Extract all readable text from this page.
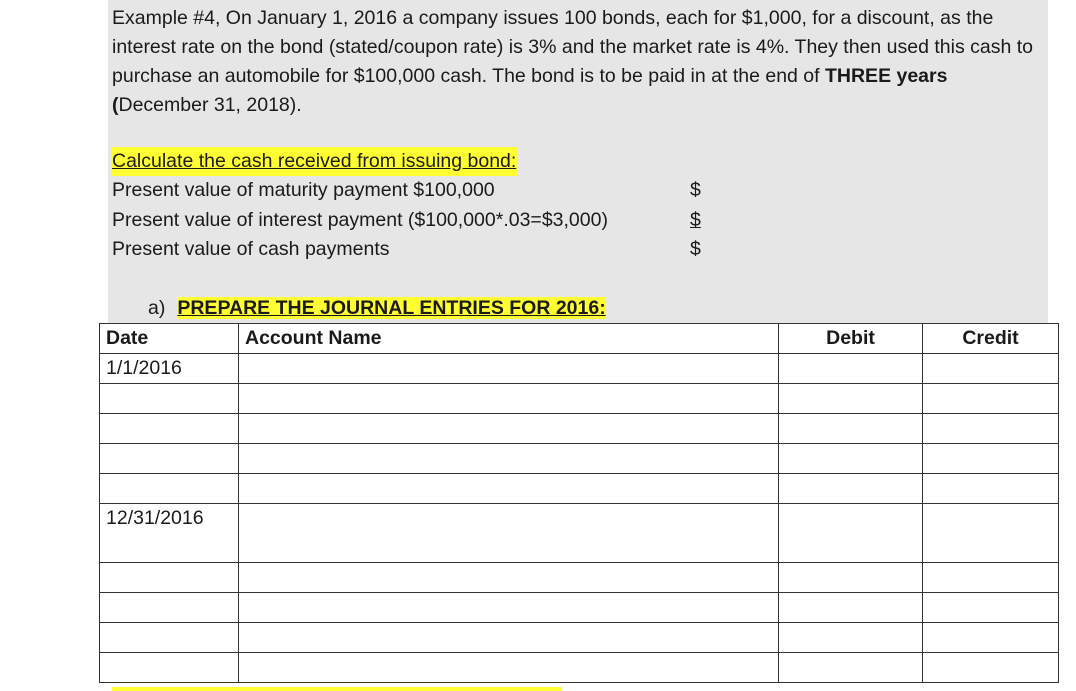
Example #4, On January 1, 2016 a company issues 100 bonds, each for $1,000, for a discount, as the interest rate on the bond (stated/coupon rate) is 3% and the market rate is 4%. They then used this cash to purchase an automobile for $100,000 cash. The bond is to be paid in at the end of THREE years (December 31, 2018).

Calculate the cash received from issuing bond:
Present value of maturity payment $100,000	$
Present value of interest payment ($100,000*.03=$3,000)	$
Present value of cash payments	$
a) PREPARE THE JOURNAL ENTRIES FOR 2016:
Date	Account Name	Debit	Credit
1/1/2016			

12/31/2016			
